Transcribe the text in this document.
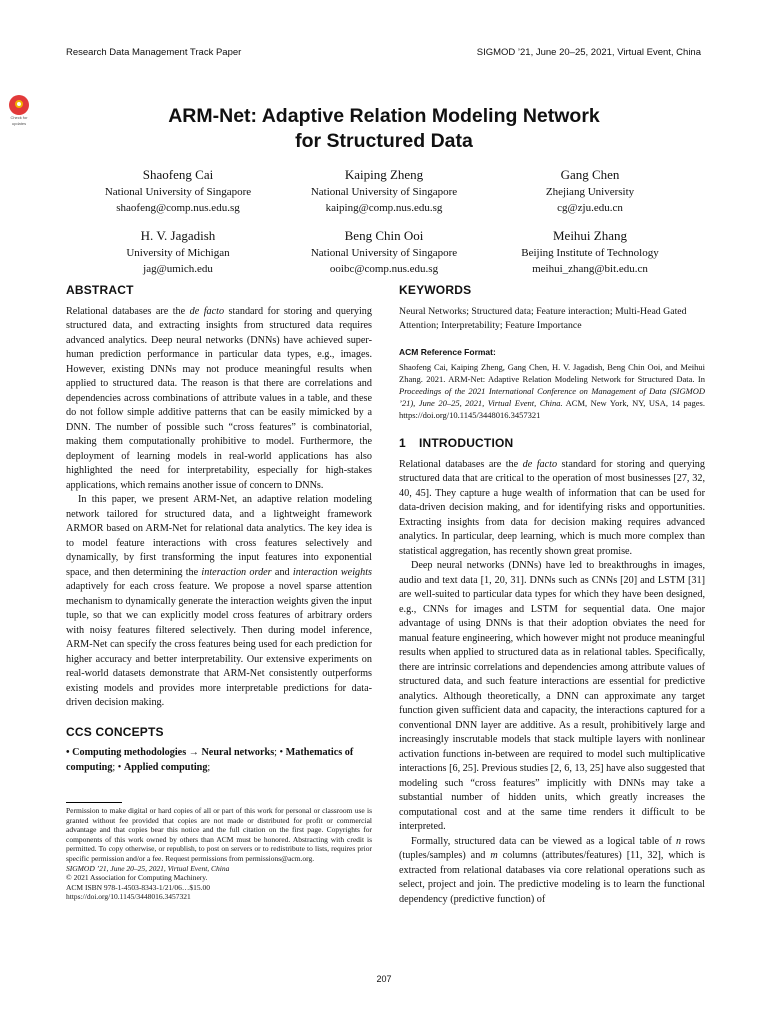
Research Data Management Track Paper	SIGMOD ’21, June 20–25, 2021, Virtual Event, China
Check for
updates	ARM-Net: Adaptive Relation Modeling Network
for Structured Data
Shaofeng Cai
National University of Singapore
shaofeng@comp.nus.edu.sg
Kaiping Zheng
National University of Singapore
kaiping@comp.nus.edu.sg
Gang Chen
Zhejiang University
cg@zju.edu.cn
H. V. Jagadish
University of Michigan
jag@umich.edu
Beng Chin Ooi
National University of Singapore
ooibc@comp.nus.edu.sg
Meihui Zhang
Beijing Institute of Technology
meihui_zhang@bit.edu.cn
ABSTRACT

Relational databases are the de facto standard for storing and querying structured data, and extracting insights from structured data requires advanced analytics. Deep neural networks (DNNs) have achieved super-human prediction performance in particular data types, e.g., images. However, existing DNNs may not produce meaningful results when applied to structured data. The reason is that there are correlations and dependencies across combinations of attribute values in a table, and these do not follow simple additive patterns that can be easily mimicked by a DNN. The number of possible such “cross features” is combinatorial, making them computationally prohibitive to model. Furthermore, the deployment of learning models in real-world applications has also highlighted the need for interpretability, especially for high-stakes applications, which remains another issue of concern to DNNs.

In this paper, we present ARM-Net, an adaptive relation modeling network tailored for structured data, and a lightweight framework ARMOR based on ARM-Net for relational data analytics. The key idea is to model feature interactions with cross features selectively and dynamically, by first transforming the input features into exponential space, and then determining the interaction order and interaction weights adaptively for each cross feature. We propose a novel sparse attention mechanism to dynamically generate the interaction weights given the input tuple, so that we can explicitly model cross features of arbitrary orders with noisy features filtered selectively. Then during model inference, ARM-Net can specify the cross features being used for each prediction for higher accuracy and better interpretability. Our extensive experiments on real-world datasets demonstrate that ARM-Net consistently outperforms existing models and provides more interpretable predictions for data-driven decision making.

CCS CONCEPTS

• Computing methodologies → Neural networks; • Mathematics of computing; • Applied computing;

Permission to make digital or hard copies of all or part of this work for personal or classroom use is granted without fee provided that copies are not made or distributed for profit or commercial advantage and that copies bear this notice and the full citation on the first page. Copyrights for components of this work owned by others than ACM must be honored. Abstracting with credit is permitted. To copy otherwise, or republish, to post on servers or to redistribute to lists, requires prior specific permission and/or a fee. Request permissions from permissions@acm.org.

SIGMOD ’21, June 20–25, 2021, Virtual Event, China

© 2021 Association for Computing Machinery.

ACM ISBN 978-1-4503-8343-1/21/06…$15.00

https://doi.org/10.1145/3448016.3457321

KEYWORDS

Neural Networks; Structured data; Feature interaction; Multi-Head Gated Attention; Interpretability; Feature Importance

ACM Reference Format:

Shaofeng Cai, Kaiping Zheng, Gang Chen, H. V. Jagadish, Beng Chin Ooi, and Meihui Zhang. 2021. ARM-Net: Adaptive Relation Modeling Network for Structured Data. In Proceedings of the 2021 International Conference on Management of Data (SIGMOD ’21), June 20–25, 2021, Virtual Event, China. ACM, New York, NY, USA, 14 pages. https://doi.org/10.1145/3448016.3457321

1 INTRODUCTION

Relational databases are the de facto standard for storing and querying structured data that are critical to the operation of most businesses [27, 32, 40, 45]. They capture a huge wealth of information that can be used for data-driven decision making, and for identifying risks and opportunities. Extracting insights from data for decision making requires advanced analytics. In particular, deep learning, which is much more complex than statistical aggregation, has recently shown great promise.

Deep neural networks (DNNs) have led to breakthroughs in images, audio and text data [1, 20, 31]. DNNs such as CNNs [20] and LSTM [31] are well-suited to particular data types for which they have been designed, e.g., CNNs for images and LSTM for sequential data. One major advantage of using DNNs is that their adoption obviates the need for manual feature engineering, which however might not produce meaningful results when applied to structured data as in relational tables. Specifically, there are intrinsic correlations and dependencies among attribute values of structured data, and such feature interactions are essential for predictive analytics. Although theoretically, a DNN can approximate any target function given sufficient data and capacity, the interactions captured for a conventional DNN layer are additive. As a result, prohibitively large and increasingly inscrutable models that stack multiple layers with nonlinear activation functions in-between are required to model such multiplicative interactions [6, 25]. Previous studies [2, 6, 13, 25] have also suggested that modeling such “cross features” implicitly with DNNs may take a substantial number of hidden units, which greatly increases the computational cost and at the same time renders it difficult to be interpreted.

Formally, structured data can be viewed as a logical table of n rows (tuples/samples) and m columns (attributes/features) [11, 32], which is extracted from relational databases via core relational operations such as select, project and join. The predictive modeling is to learn the functional dependency (predictive function) of

207
